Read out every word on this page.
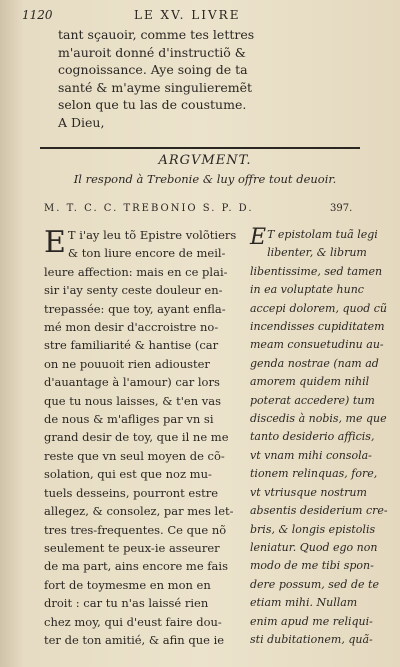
1120	LE XV. LIVRE
tant sçauoir, comme tes lettres
m'auroit donné d'instructiõ &
cognoissance. Aye soing de ta
santé & m'ayme singulieremẽt
selon que tu las de coustume.
A Dieu,
ARGVMENT.
Il respond à Trebonie & luy offre tout deuoir.
M. T. C. C. TREBONIO S. P. D.	397.
E T i'ay leu tõ Epistre volõtiers
& ton liure encore de meil-
leure affection: mais en ce plai-
sir i'ay senty ceste douleur en-
trepassée: que toy, ayant enfla-
mé mon desir d'accroistre no-
stre familiarité & hantise (car
on ne pouuoit rien adiouster
d'auantage à l'amour) car lors
que tu nous laisses, & t'en vas
de nous & m'afliges par vn si
grand desir de toy, que il ne me
reste que vn seul moyen de cõ-
solation, qui est que noz mu-
tuels desseins, pourront estre
allegez, & consolez, par mes let-
tres tres-frequentes. Ce que nõ
seulement te peux-ie asseurer
de ma part, ains encore me fais
fort de toymesme en mon en
droit : car tu n'as laissé rien
chez moy, qui d'eust faire dou-
ter de ton amitié, & afin que ie
E T epistolam tuã legi
libenter, & librum
libentissime, sed tamen
in ea voluptate hunc
accepi dolorem, quod cũ
incendisses cupiditatem
meam consuetudinu au-
genda nostrae (nam ad
amorem quidem nihil
poterat accedere) tum
discedis à nobis, me que
tanto desiderio afficis,
vt vnam mihi consola-
tionem relinquas, fore,
vt vtriusque nostrum
absentis desiderium cre-
bris, & longis epistolis
leniatur. Quod ego non
modo de me tibi spon-
dere possum, sed de te
etiam mihi. Nullam
enim apud me reliqui-
sti dubitationem, quã-
